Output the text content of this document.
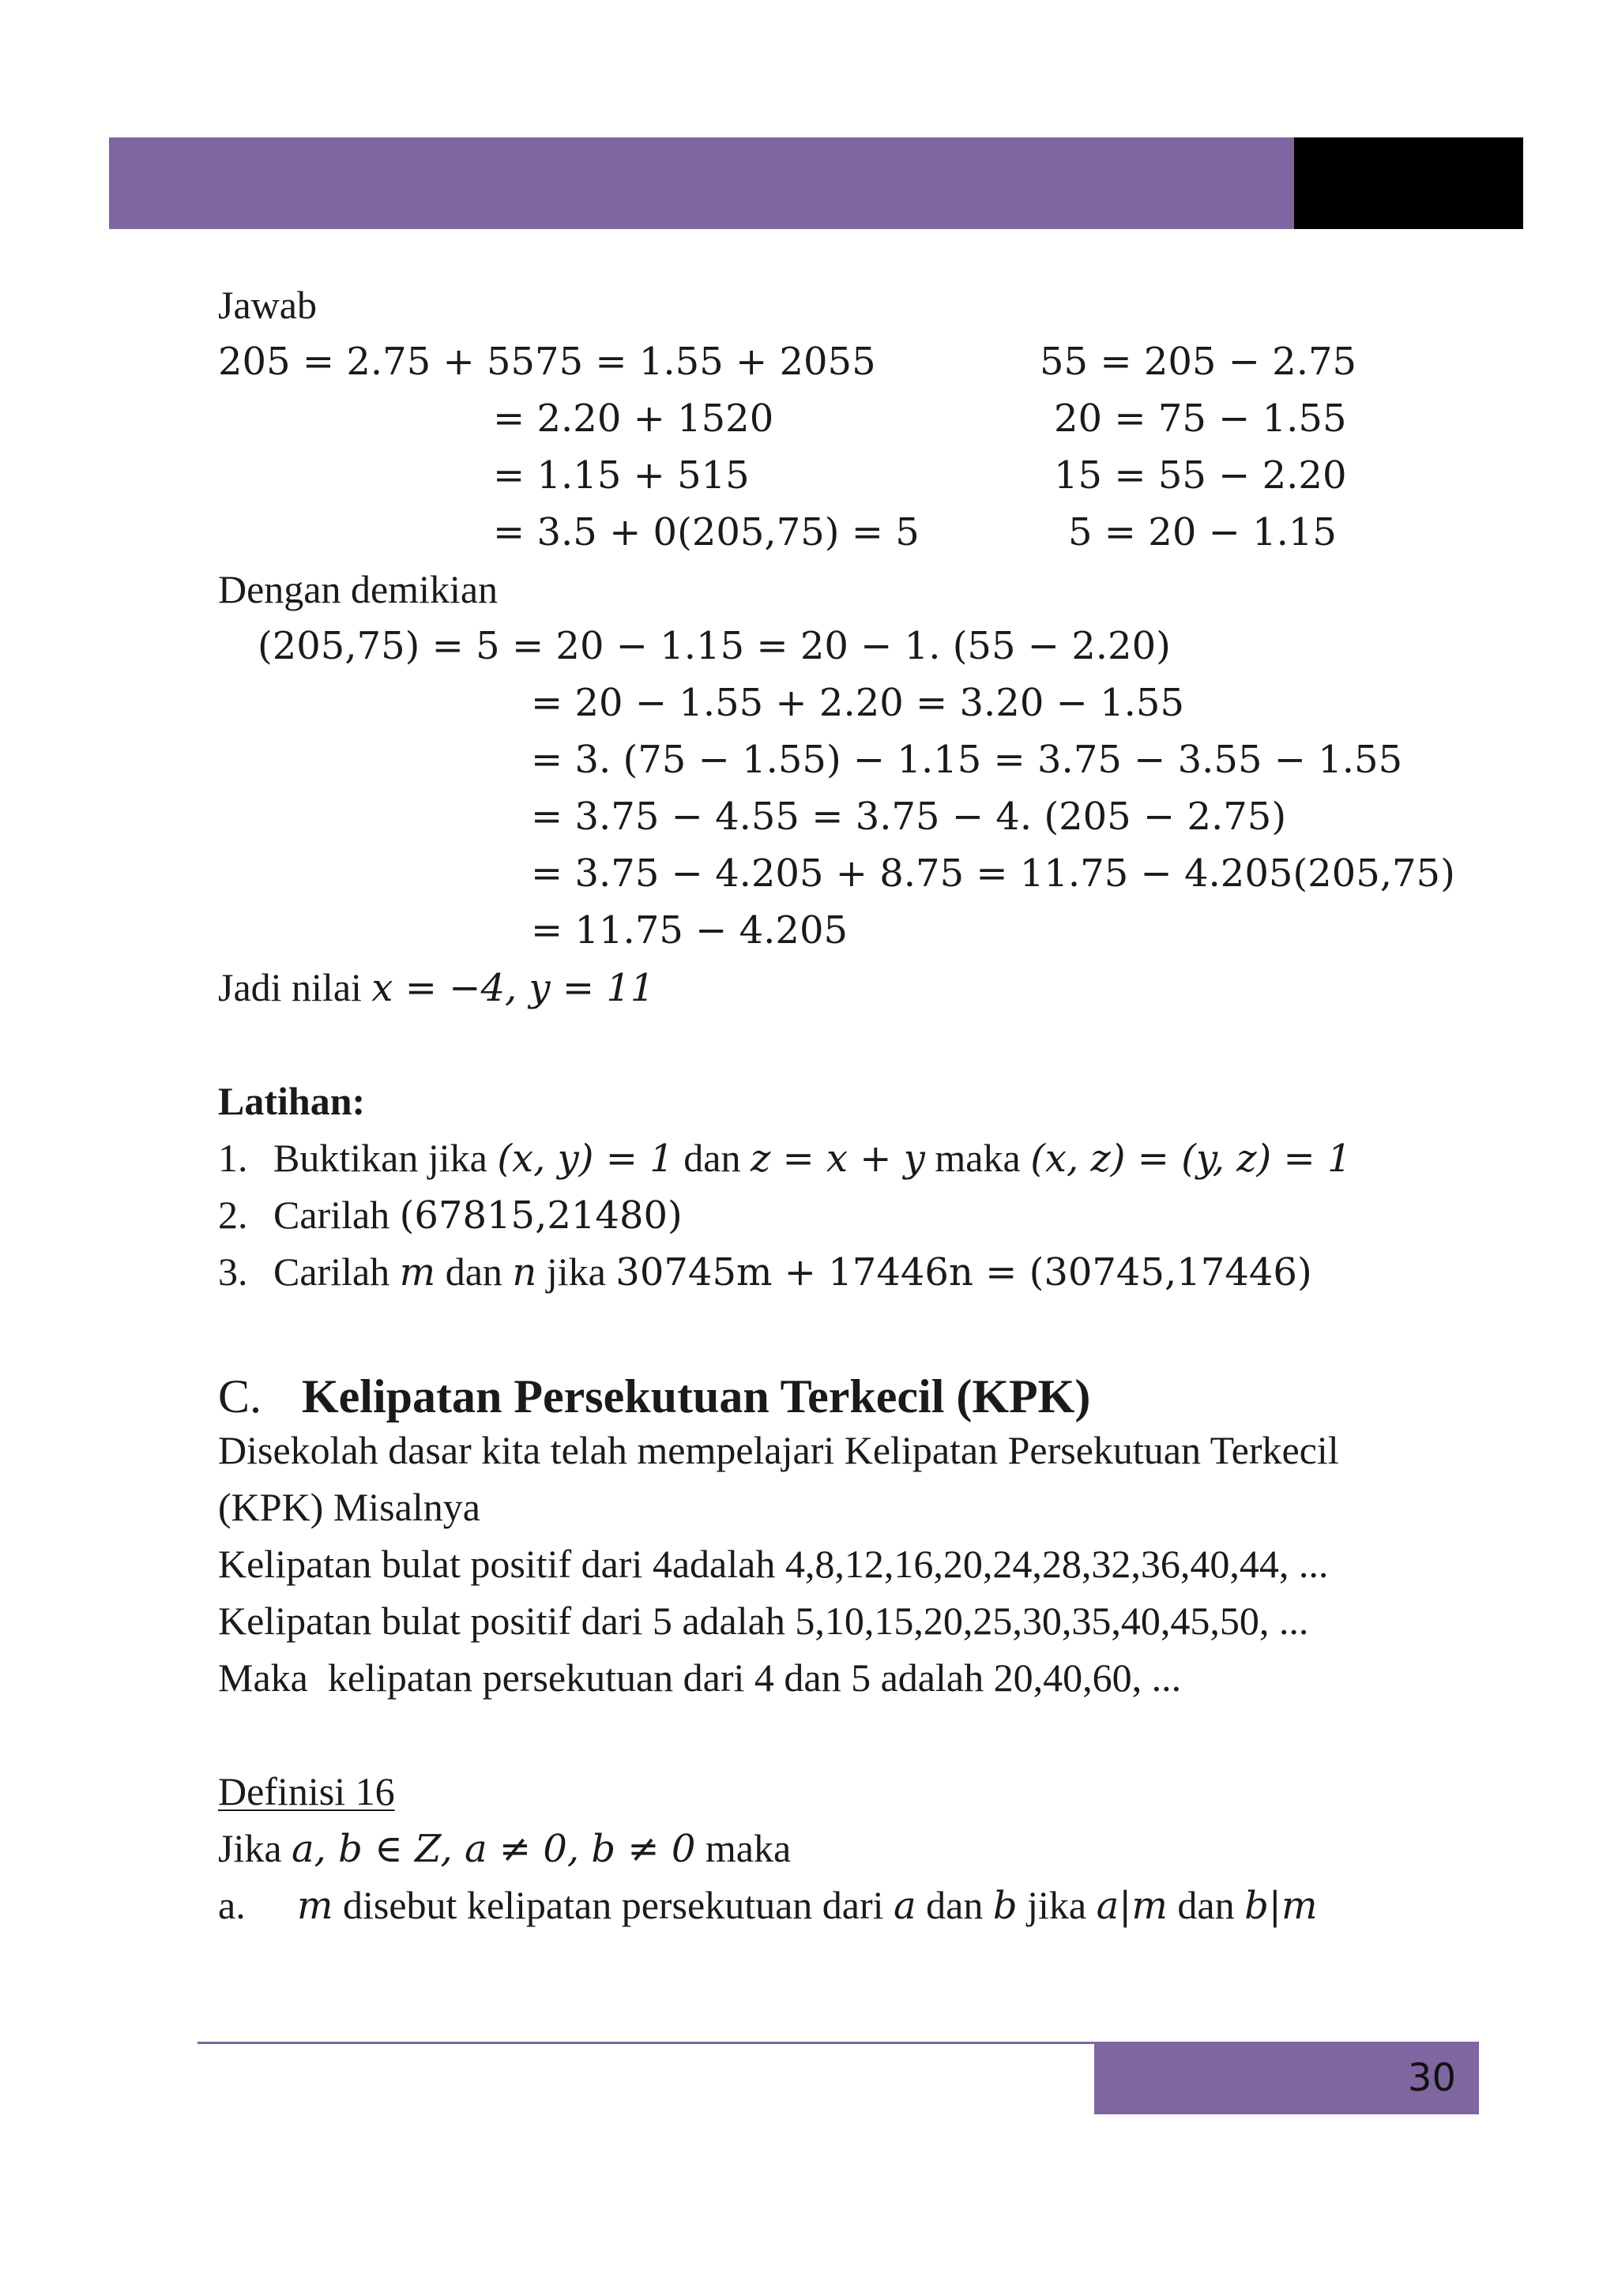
Jawab
205 = 2.75 + 5575 = 1.55 + 2055
= 2.20 + 1520
= 1.15 + 515
= 3.5 + 0(205,75) = 5
55 = 205 − 2.75
20 = 75 − 1.55
15 = 55 − 2.20
5 = 20 − 1.15
Dengan demikian
(205,75) = 5 = 20 − 1.15 = 20 − 1. (55 − 2.20)
= 20 − 1.55 + 2.20 = 3.20 − 1.55
= 3. (75 − 1.55) − 1.15 = 3.75 − 3.55 − 1.55
= 3.75 − 4.55 = 3.75 − 4. (205 − 2.75)
= 3.75 − 4.205 + 8.75 = 11.75 − 4.205(205,75)
= 11.75 − 4.205
Jadi nilai x = −4, y = 11
Latihan:
1. Buktikan jika (x, y) = 1 dan z = x + y maka (x, z) = (y, z) = 1
2. Carilah (67815,21480)
3. Carilah m dan n jika 30745m + 17446n = (30745,17446)
C. Kelipatan Persekutuan Terkecil (KPK)
Disekolah dasar kita telah mempelajari Kelipatan Persekutuan Terkecil
(KPK) Misalnya
Kelipatan bulat positif dari 4adalah 4,8,12,16,20,24,28,32,36,40,44, ...
Kelipatan bulat positif dari 5 adalah 5,10,15,20,25,30,35,40,45,50, ...
Maka  kelipatan persekutuan dari 4 dan 5 adalah 20,40,60, ...
Definisi 16
Jika a, b ∈ Z, a ≠ 0, b ≠ 0 maka
a. m disebut kelipatan persekutuan dari a dan b jika a|m dan b|m
30
